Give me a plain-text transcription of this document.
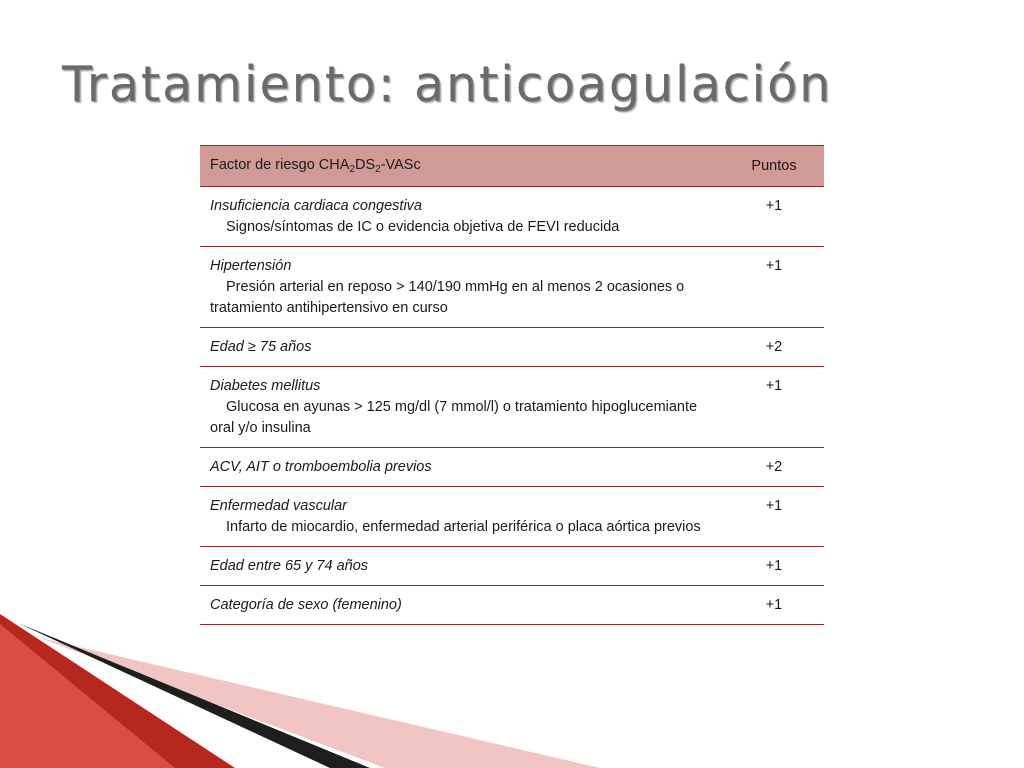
Tratamiento: anticoagulación
Factor de riesgo $CHA_2DS_2$-VASc	Puntos

Insuficiencia cardiaca congestiva
Signos/síntomas de IC o evidencia objetiva de FEVI reducida	+1

Hipertensión
Presión arterial en reposo > 140/190 mmHg en al menos 2 ocasiones o tratamiento antihipertensivo en curso	+1

Edad ≥ 75 años	+2

Diabetes mellitus
Glucosa en ayunas > 125 mg/dl (7 mmol/l) o tratamiento hipoglucemiante oral y/o insulina	+1

ACV, AIT o tromboembolia previos	+2

Enfermedad vascular
Infarto de miocardio, enfermedad arterial periférica o placa aórtica previos	+1

Edad entre 65 y 74 años	+1

Categoría de sexo (femenino)	+1
